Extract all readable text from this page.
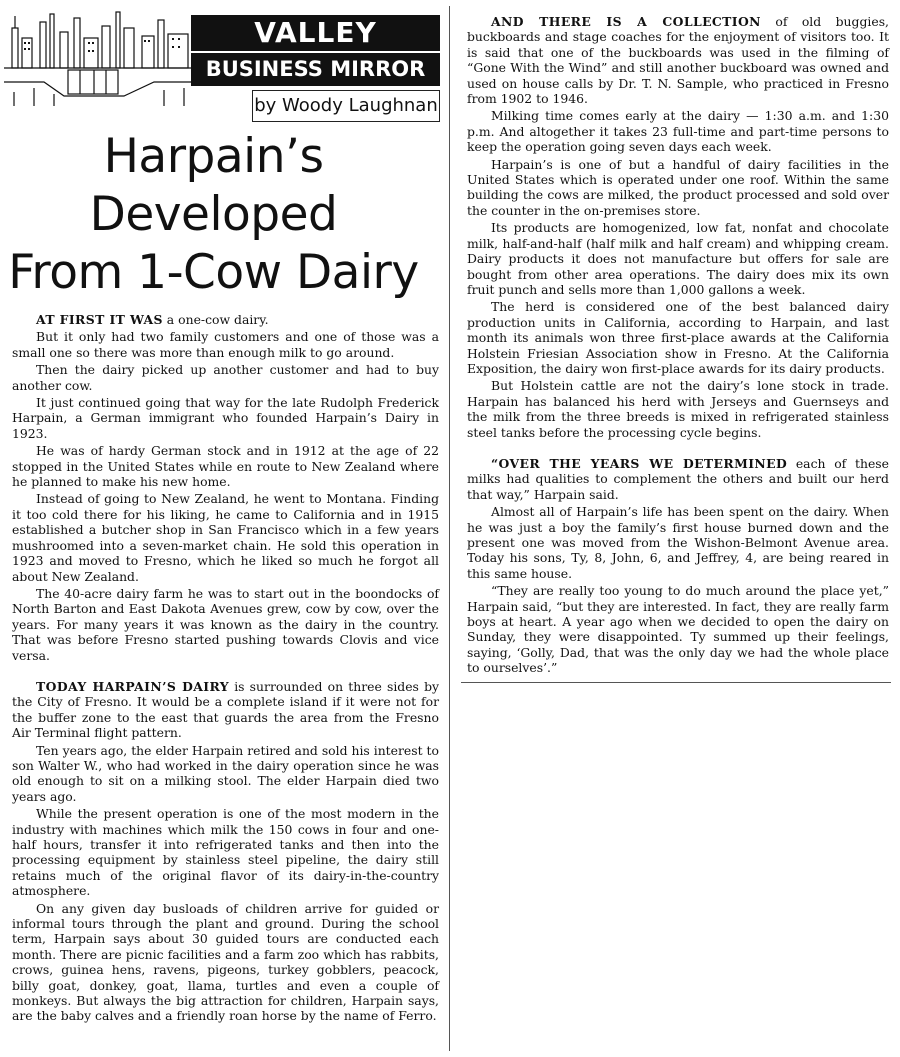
VALLEY
BUSINESS MIRROR
by Woody Laughnan
Harpain’s Developed
From 1-Cow Dairy

AT FIRST IT WAS a one-cow dairy.

But it only had two family customers and one of those was a small one so there was more than enough milk to go around.

Then the dairy picked up another customer and had to buy another cow.

It just continued going that way for the late Rudolph Frederick Harpain, a German immigrant who founded Harpain’s Dairy in 1923.

He was of hardy German stock and in 1912 at the age of 22 stopped in the United States while en route to New Zealand where he planned to make his new home.

Instead of going to New Zealand, he went to Montana. Finding it too cold there for his liking, he came to California and in 1915 established a butcher shop in San Francisco which in a few years mushroomed into a seven-market chain. He sold this operation in 1923 and moved to Fresno, which he liked so much he forgot all about New Zealand.

The 40-acre dairy farm he was to start out in the boondocks of North Barton and East Dakota Avenues grew, cow by cow, over the years. For many years it was known as the dairy in the country. That was before Fresno started pushing towards Clovis and vice versa.

TODAY HARPAIN’S DAIRY is surrounded on three sides by the City of Fresno. It would be a complete island if it were not for the buffer zone to the east that guards the area from the Fresno Air Terminal flight pattern.

Ten years ago, the elder Harpain retired and sold his interest to son Walter W., who had worked in the dairy operation since he was old enough to sit on a milking stool. The elder Harpain died two years ago.

While the present operation is one of the most modern in the industry with machines which milk the 150 cows in four and one-half hours, transfer it into refrigerated tanks and then into the processing equipment by stainless steel pipeline, the dairy still retains much of the original flavor of its dairy-in-the-country atmosphere.

On any given day busloads of children arrive for guided or informal tours through the plant and ground. During the school term, Harpain says about 30 guided tours are conducted each month. There are picnic facilities and a farm zoo which has rabbits, crows, guinea hens, ravens, pigeons, turkey gobblers, peacock, billy goat, donkey, goat, llama, turtles and even a couple of monkeys. But always the big attraction for children, Harpain says, are the baby calves and a friendly roan horse by the name of Ferro.

AND THERE IS A COLLECTION of old buggies, buckboards and stage coaches for the enjoyment of visitors too. It is said that one of the buckboards was used in the filming of “Gone With the Wind” and still another buckboard was owned and used on house calls by Dr. T. N. Sample, who practiced in Fresno from 1902 to 1946.

Milking time comes early at the dairy — 1:30 a.m. and 1:30 p.m. And altogether it takes 23 full-time and part-time persons to keep the operation going seven days each week.

Harpain’s is one of but a handful of dairy facilities in the United States which is operated under one roof. Within the same building the cows are milked, the product processed and sold over the counter in the on-premises store.

Its products are homogenized, low fat, nonfat and chocolate milk, half-and-half (half milk and half cream) and whipping cream. Dairy products it does not manufacture but offers for sale are bought from other area operations. The dairy does mix its own fruit punch and sells more than 1,000 gallons a week.

The herd is considered one of the best balanced dairy production units in California, according to Harpain, and last month its animals won three first-place awards at the California Holstein Friesian Association show in Fresno. At the California Exposition, the dairy won first-place awards for its dairy products.

But Holstein cattle are not the dairy’s lone stock in trade. Harpain has balanced his herd with Jerseys and Guernseys and the milk from the three breeds is mixed in refrigerated stainless steel tanks before the processing cycle begins.

“OVER THE YEARS WE DETERMINED each of these milks had qualities to complement the others and built our herd that way,” Harpain said.

Almost all of Harpain’s life has been spent on the dairy. When he was just a boy the family’s first house burned down and the present one was moved from the Wishon-Belmont Avenue area. Today his sons, Ty, 8, John, 6, and Jeffrey, 4, are being reared in this same house.

“They are really too young to do much around the place yet,” Harpain said, “but they are interested. In fact, they are really farm boys at heart. A year ago when we decided to open the dairy on Sunday, they were disappointed. Ty summed up their feelings, saying, ‘Golly, Dad, that was the only day we had the whole place to ourselves’.”
